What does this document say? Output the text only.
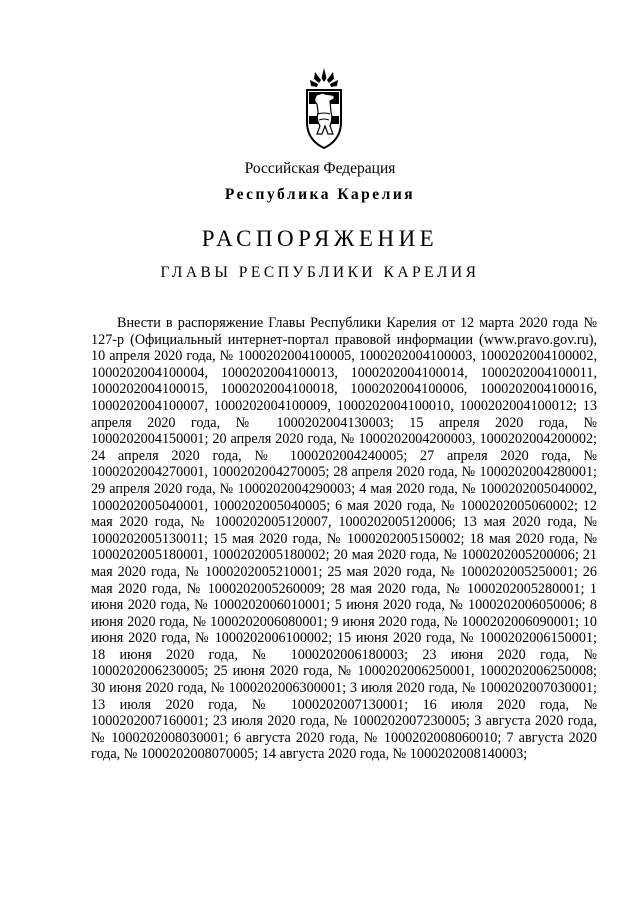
Российская Федерация
Республика Карелия
РАСПОРЯЖЕНИЕ
ГЛАВЫ РЕСПУБЛИКИ КАРЕЛИЯ

Внести в распоряжение Главы Республики Карелия от 12 марта 2020 года № 127-р (Официальный интернет-портал правовой информации (www.pravo.gov.ru), 10 апреля 2020 года, № 1000202004100005, 1000202004100003, 1000202004100002, 1000202004100004, 1000202004100013, 1000202004100014, 1000202004100011, 1000202004100015, 1000202004100018, 1000202004100006, 1000202004100016, 1000202004100007, 1000202004100009, 1000202004100010, 1000202004100012; 13 апреля 2020 года, № 1000202004130003; 15 апреля 2020 года, № 1000202004150001; 20 апреля 2020 года, № 1000202004200003, 1000202004200002; 24 апреля 2020 года, № 1000202004240005; 27 апреля 2020 года, № 1000202004270001, 1000202004270005; 28 апреля 2020 года, № 1000202004280001; 29 апреля 2020 года, № 1000202004290003; 4 мая 2020 года, № 1000202005040002, 1000202005040001, 1000202005040005; 6 мая 2020 года, № 1000202005060002; 12 мая 2020 года, № 1000202005120007, 1000202005120006; 13 мая 2020 года, № 1000202005130011; 15 мая 2020 года, № 1000202005150002; 18 мая 2020 года, № 1000202005180001, 1000202005180002; 20 мая 2020 года, № 1000202005200006; 21 мая 2020 года, № 1000202005210001; 25 мая 2020 года, № 1000202005250001; 26 мая 2020 года, № 1000202005260009; 28 мая 2020 года, № 1000202005280001; 1 июня 2020 года, № 1000202006010001; 5 июня 2020 года, № 1000202006050006; 8 июня 2020 года, № 1000202006080001; 9 июня 2020 года, № 1000202006090001; 10 июня 2020 года, № 1000202006100002; 15 июня 2020 года, № 1000202006150001; 18 июня 2020 года, № 1000202006180003; 23 июня 2020 года, № 1000202006230005; 25 июня 2020 года, № 1000202006250001, 1000202006250008; 30 июня 2020 года, № 1000202006300001; 3 июля 2020 года, № 1000202007030001; 13 июля 2020 года, № 1000202007130001; 16 июля 2020 года, № 1000202007160001; 23 июля 2020 года, № 1000202007230005; 3 августа 2020 года, № 1000202008030001; 6 августа 2020 года, № 1000202008060010; 7 августа 2020 года, № 1000202008070005; 14 августа 2020 года, № 1000202008140003;
